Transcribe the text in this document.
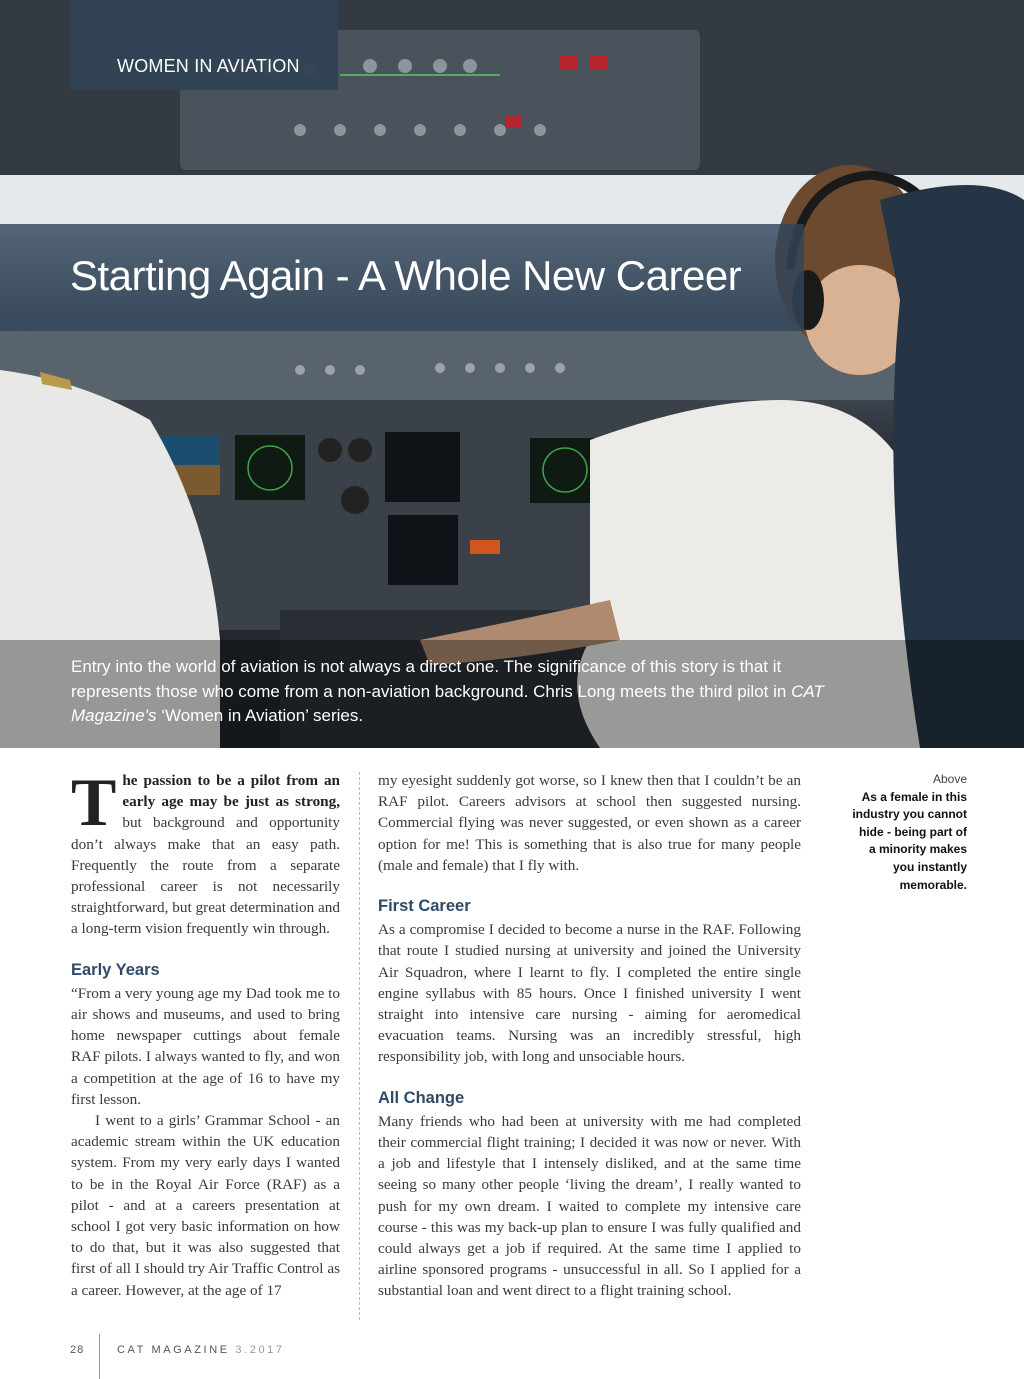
WOMEN IN AVIATION
Starting Again - A Whole New Career
Entry into the world of aviation is not always a direct one. The significance of this story is that it represents those who come from a non-aviation background. Chris Long meets the third pilot in CAT Magazine's ‘Women in Aviation’ series.

The passion to be a pilot from an early age may be just as strong, but background and opportunity don’t always make that an easy path. Frequently the route from a separate professional career is not necessarily straightforward, but great determination and a long-term vision frequently win through.

Early Years

“From a very young age my Dad took me to air shows and museums, and used to bring home newspaper cuttings about female RAF pilots. I always wanted to fly, and won a competition at the age of 16 to have my first lesson.

I went to a girls’ Grammar School - an academic stream within the UK education system. From my very early days I wanted to be in the Royal Air Force (RAF) as a pilot - and at a careers presentation at school I got very basic information on how to do that, but it was also suggested that first of all I should try Air Traffic Control as a career. However, at the age of 17

my eyesight suddenly got worse, so I knew then that I couldn’t be an RAF pilot. Careers advisors at school then suggested nursing. Commercial flying was never suggested, or even shown as a career option for me! This is something that is also true for many people (male and female) that I fly with.

First Career

As a compromise I decided to become a nurse in the RAF. Following that route I studied nursing at university and joined the University Air Squadron, where I learnt to fly. I completed the entire single engine syllabus with 85 hours. Once I finished university I went straight into intensive care nursing - aiming for aeromedical evacuation teams. Nursing was an incredibly stressful, high responsibility job, with long and unsociable hours.

All Change

Many friends who had been at university with me had completed their commercial flight training; I decided it was now or never. With a job and lifestyle that I intensely disliked, and at the same time seeing so many other people ‘living the dream’, I really wanted to push for my own dream. I waited to complete my intensive care course - this was my back-up plan to ensure I was fully qualified and could always get a job if required. At the same time I applied to airline sponsored programs - unsuccessful in all. So I applied for a substantial loan and went direct to a flight training school.

Above
As a female in this industry you cannot hide - being part of a minority makes you instantly memorable.
28	CAT MAGAZINE 3.2017
